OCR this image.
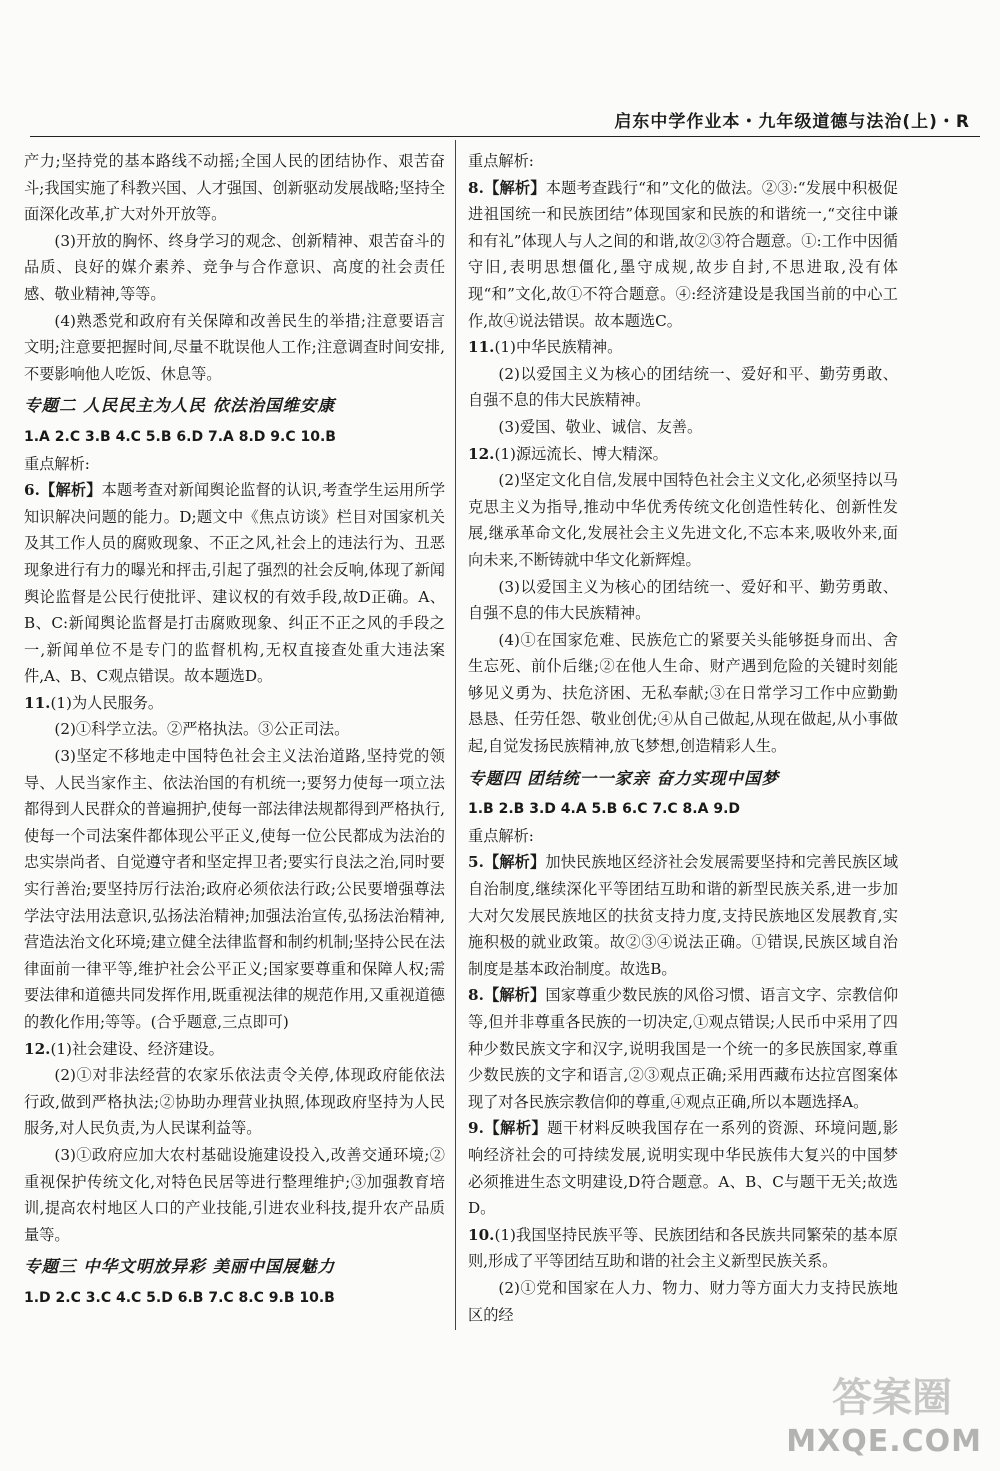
启东中学作业本・九年级道德与法治(上)・R

产力;坚持党的基本路线不动摇;全国人民的团结协作、艰苦奋斗;我国实施了科教兴国、人才强国、创新驱动发展战略;坚持全面深化改革,扩大对外开放等。

(3)开放的胸怀、终身学习的观念、创新精神、艰苦奋斗的品质、良好的媒介素养、竞争与合作意识、高度的社会责任感、敬业精神,等等。

(4)熟悉党和政府有关保障和改善民生的举措;注意要语言文明;注意要把握时间,尽量不耽误他人工作;注意调查时间安排,不要影响他人吃饭、休息等。

专题二 人民民主为人民 依法治国维安康

1.A 2.C 3.B 4.C 5.B 6.D 7.A 8.D 9.C 10.B

重点解析:

6.【解析】本题考查对新闻舆论监督的认识,考查学生运用所学知识解决问题的能力。D;题文中《焦点访谈》栏目对国家机关及其工作人员的腐败现象、不正之风,社会上的违法行为、丑恶现象进行有力的曝光和抨击,引起了强烈的社会反响,体现了新闻舆论监督是公民行使批评、建议权的有效手段,故D正确。A、B、C:新闻舆论监督是打击腐败现象、纠正不正之风的手段之一,新闻单位不是专门的监督机构,无权直接查处重大违法案件,A、B、C观点错误。故本题选D。

11.(1)为人民服务。

(2)①科学立法。②严格执法。③公正司法。

(3)坚定不移地走中国特色社会主义法治道路,坚持党的领导、人民当家作主、依法治国的有机统一;要努力使每一项立法都得到人民群众的普遍拥护,使每一部法律法规都得到严格执行,使每一个司法案件都体现公平正义,使每一位公民都成为法治的忠实崇尚者、自觉遵守者和坚定捍卫者;要实行良法之治,同时要实行善治;要坚持厉行法治;政府必须依法行政;公民要增强尊法学法守法用法意识,弘扬法治精神;加强法治宣传,弘扬法治精神,营造法治文化环境;建立健全法律监督和制约机制;坚持公民在法律面前一律平等,维护社会公平正义;国家要尊重和保障人权;需要法律和道德共同发挥作用,既重视法律的规范作用,又重视道德的教化作用;等等。(合乎题意,三点即可)

12.(1)社会建设、经济建设。

(2)①对非法经营的农家乐依法责令关停,体现政府能依法行政,做到严格执法;②协助办理营业执照,体现政府坚持为人民服务,对人民负责,为人民谋利益等。

(3)①政府应加大农村基础设施建设投入,改善交通环境;②重视保护传统文化,对特色民居等进行整理维护;③加强教育培训,提高农村地区人口的产业技能,引进农业科技,提升农产品质量等。

专题三 中华文明放异彩 美丽中国展魅力

1.D 2.C 3.C 4.C 5.D 6.B 7.C 8.C 9.B 10.B

重点解析:

8.【解析】本题考查践行“和”文化的做法。②③:“发展中积极促进祖国统一和民族团结”体现国家和民族的和谐统一,“交往中谦和有礼”体现人与人之间的和谐,故②③符合题意。①:工作中因循守旧,表明思想僵化,墨守成规,故步自封,不思进取,没有体现“和”文化,故①不符合题意。④:经济建设是我国当前的中心工作,故④说法错误。故本题选C。

11.(1)中华民族精神。

(2)以爱国主义为核心的团结统一、爱好和平、勤劳勇敢、自强不息的伟大民族精神。

(3)爱国、敬业、诚信、友善。

12.(1)源远流长、博大精深。

(2)坚定文化自信,发展中国特色社会主义文化,必须坚持以马克思主义为指导,推动中华优秀传统文化创造性转化、创新性发展,继承革命文化,发展社会主义先进文化,不忘本来,吸收外来,面向未来,不断铸就中华文化新辉煌。

(3)以爱国主义为核心的团结统一、爱好和平、勤劳勇敢、自强不息的伟大民族精神。

(4)①在国家危难、民族危亡的紧要关头能够挺身而出、舍生忘死、前仆后继;②在他人生命、财产遇到危险的关键时刻能够见义勇为、扶危济困、无私奉献;③在日常学习工作中应勤勤恳恳、任劳任怨、敬业创优;④从自己做起,从现在做起,从小事做起,自觉发扬民族精神,放飞梦想,创造精彩人生。

专题四 团结统一一家亲 奋力实现中国梦

1.B 2.B 3.D 4.A 5.B 6.C 7.C 8.A 9.D

重点解析:

5.【解析】加快民族地区经济社会发展需要坚持和完善民族区域自治制度,继续深化平等团结互助和谐的新型民族关系,进一步加大对欠发展民族地区的扶贫支持力度,支持民族地区发展教育,实施积极的就业政策。故②③④说法正确。①错误,民族区域自治制度是基本政治制度。故选B。

8.【解析】国家尊重少数民族的风俗习惯、语言文字、宗教信仰等,但并非尊重各民族的一切决定,①观点错误;人民币中采用了四种少数民族文字和汉字,说明我国是一个统一的多民族国家,尊重少数民族的文字和语言,②③观点正确;采用西藏布达拉宫图案体现了对各民族宗教信仰的尊重,④观点正确,所以本题选择A。

9.【解析】题干材料反映我国存在一系列的资源、环境问题,影响经济社会的可持续发展,说明实现中华民族伟大复兴的中国梦必须推进生态文明建设,D符合题意。A、B、C与题干无关;故选D。

10.(1)我国坚持民族平等、民族团结和各民族共同繁荣的基本原则,形成了平等团结互助和谐的社会主义新型民族关系。

(2)①党和国家在人力、物力、财力等方面大力支持民族地区的经

答案圈
MXQE.COM
